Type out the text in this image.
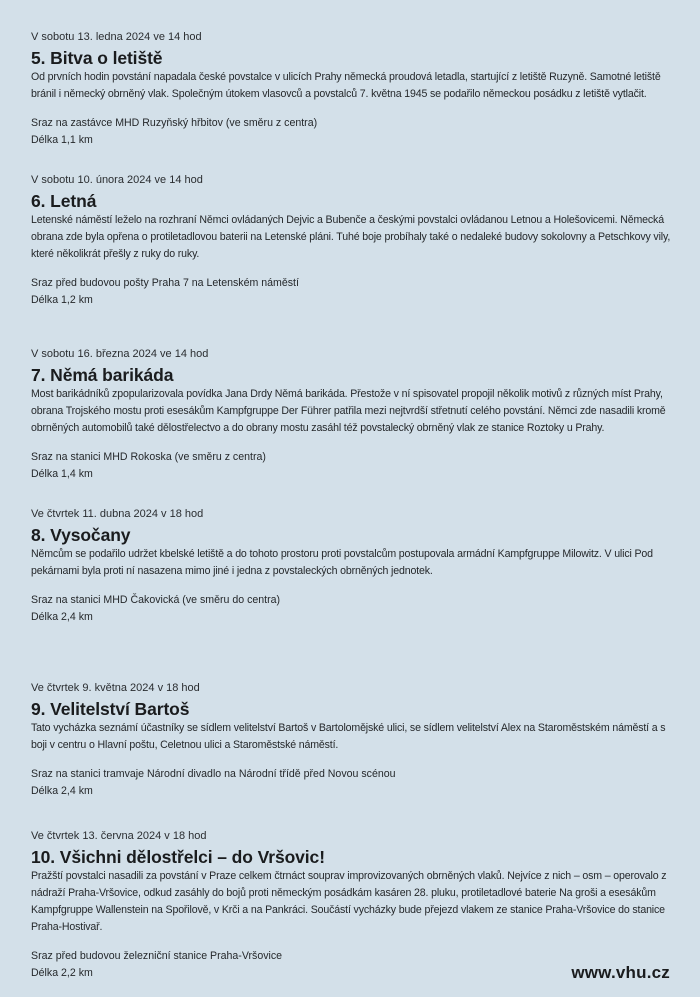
V sobotu 13. ledna 2024 ve 14 hod
5. Bitva o letiště
Od prvních hodin povstání napadala české povstalce v ulicích Prahy německá proudová letadla, startující z letiště Ruzyně. Samotné letiště bránil i německý obrněný vlak. Společným útokem vlasovců a povstalců 7. května 1945 se podařilo německou posádku z letiště vytlačit.
Sraz na zastávce MHD Ruzyňský hřbitov (ve směru z centra)
Délka 1,1 km
V sobotu 10. února 2024 ve 14 hod
6. Letná
Letenské náměstí leželo na rozhraní Němci ovládaných Dejvic a Bubenče a českými povstalci ovládanou Letnou a Holešovicemi. Německá obrana zde byla opřena o protiletadlovou baterii na Letenské pláni. Tuhé boje probíhaly také o nedaleké budovy sokolovny a Petschkovy vily, které několikrát přešly z ruky do ruky.
Sraz před budovou pošty Praha 7 na Letenském náměstí
Délka 1,2 km
V sobotu 16. března 2024 ve 14 hod
7. Němá barikáda
Most barikádníků zpopularizovala povídka Jana Drdy Němá barikáda. Přestože v ní spisovatel propojil několik motivů z různých míst Prahy, obrana Trojského mostu proti esesákům Kampfgruppe Der Führer patřila mezi nejtvrdší střetnutí celého povstání. Němci zde nasadili kromě obrněných automobilů také dělostřelectvo a do obrany mostu zasáhl též povstalecký obrněný vlak ze stanice Roztoky u Prahy.
Sraz na stanici MHD Rokoska (ve směru z centra)
Délka 1,4 km
Ve čtvrtek 11. dubna 2024 v 18 hod
8. Vysočany
Němcům se podařilo udržet kbelské letiště a do tohoto prostoru proti povstalcům postupovala armádní Kampfgruppe Milowitz. V ulici Pod pekárnami byla proti ní nasazena mimo jiné i jedna z povstaleckých obrněných jednotek.
Sraz na stanici MHD Čakovická (ve směru do centra)
Délka 2,4 km
Ve čtvrtek 9. května 2024 v 18 hod
9. Velitelství Bartoš
Tato vycházka seznámí účastníky se sídlem velitelství Bartoš v Bartolomějské ulici, se sídlem velitelství Alex na Staroměstském náměstí a s boji v centru o Hlavní poštu, Celetnou ulici a Staroměstské náměstí.
Sraz na stanici tramvaje Národní divadlo na Národní třídě před Novou scénou
Délka 2,4 km
Ve čtvrtek 13. června 2024 v 18 hod
10. Všichni dělostřelci – do Vršovic!
Pražští povstalci nasadili za povstání v Praze celkem čtrnáct souprav improvizovaných obrněných vlaků. Nejvíce z nich – osm – operovalo z nádraží Praha-Vršovice, odkud zasáhly do bojů proti německým posádkám kasáren 28. pluku, protiletadlové baterie Na groši a esesákům Kampfgruppe Wallenstein na Spořilově, v Krči a na Pankráci. Součástí vycházky bude přejezd vlakem ze stanice Praha-Vršovice do stanice Praha-Hostivař.
Sraz před budovou železniční stanice Praha-Vršovice
Délka 2,2 km	www.vhu.cz
